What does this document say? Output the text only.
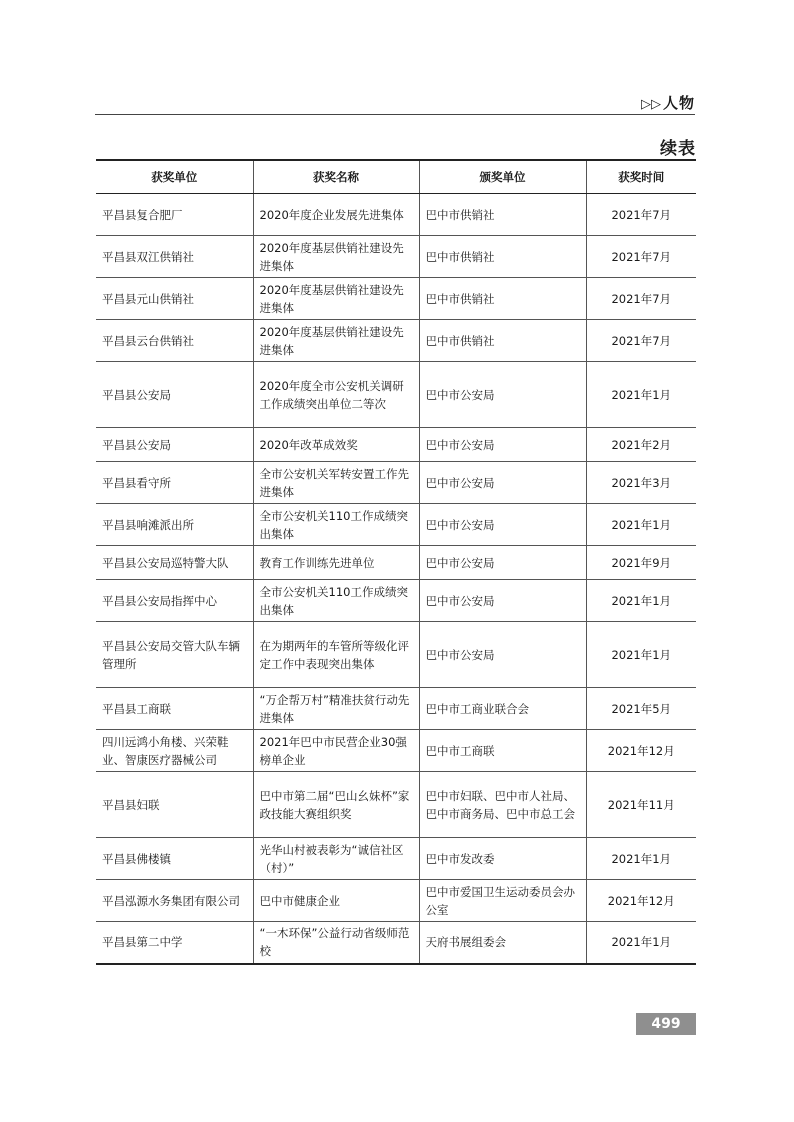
▷▷ 人物
续表
获奖单位	获奖名称	颁奖单位	获奖时间
平昌县复合肥厂	2020年度企业发展先进集体	巴中市供销社	2021年7月
平昌县双江供销社	2020年度基层供销社建设先进集体	巴中市供销社	2021年7月
平昌县元山供销社	2020年度基层供销社建设先进集体	巴中市供销社	2021年7月
平昌县云台供销社	2020年度基层供销社建设先进集体	巴中市供销社	2021年7月
平昌县公安局	2020年度全市公安机关调研工作成绩突出单位二等次	巴中市公安局	2021年1月
平昌县公安局	2020年改革成效奖	巴中市公安局	2021年2月
平昌县看守所	全市公安机关军转安置工作先进集体	巴中市公安局	2021年3月
平昌县响滩派出所	全市公安机关110工作成绩突出集体	巴中市公安局	2021年1月
平昌县公安局巡特警大队	教育工作训练先进单位	巴中市公安局	2021年9月
平昌县公安局指挥中心	全市公安机关110工作成绩突出集体	巴中市公安局	2021年1月
平昌县公安局交管大队车辆管理所	在为期两年的车管所等级化评定工作中表现突出集体	巴中市公安局	2021年1月
平昌县工商联	“万企帮万村”精准扶贫行动先进集体	巴中市工商业联合会	2021年5月
四川远鸿小角楼、兴荣鞋业、智康医疗器械公司	2021年巴中市民营企业30强榜单企业	巴中市工商联	2021年12月
平昌县妇联	巴中市第二届“巴山幺妹杯”家政技能大赛组织奖	巴中市妇联、巴中市人社局、巴中市商务局、巴中市总工会	2021年11月
平昌县佛楼镇	光华山村被表彰为“诚信社区（村）”	巴中市发改委	2021年1月
平昌泓源水务集团有限公司	巴中市健康企业	巴中市爱国卫生运动委员会办公室	2021年12月
平昌县第二中学	“一木环保”公益行动省级师范校	天府书展组委会	2021年1月
499
